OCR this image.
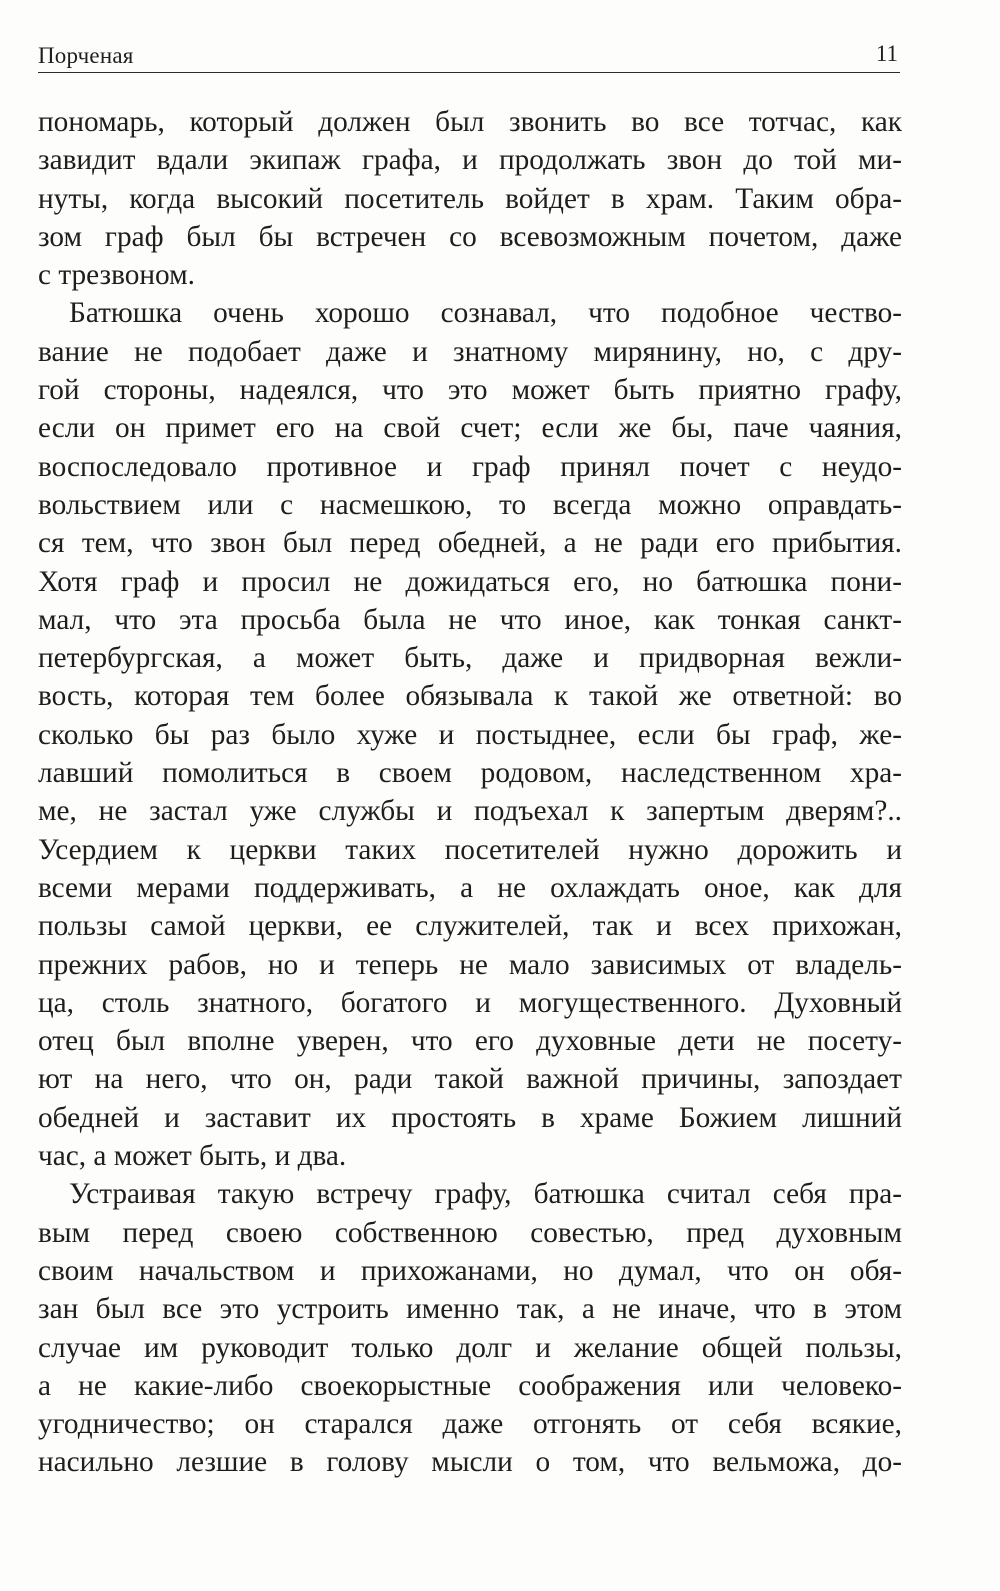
Порченая	11
пономарь, который должен был звонить во все тотчас, как
завидит вдали экипаж графа, и продолжать звон до той ми-
нуты, когда высокий посетитель войдет в храм. Таким обра-
зом граф был бы встречен со всевозможным почетом, даже
с трезвоном.
Батюшка очень хорошо сознавал, что подобное чество-
вание не подобает даже и знатному мирянину, но, с дру-
гой стороны, надеялся, что это может быть приятно графу,
если он примет его на свой счет; если же бы, паче чаяния,
воспоследовало противное и граф принял почет с неудо-
вольствием или с насмешкою, то всегда можно оправдать-
ся тем, что звон был перед обедней, а не ради его прибытия.
Хотя граф и просил не дожидаться его, но батюшка пони-
мал, что эта просьба была не что иное, как тонкая санкт-
петербургская, а может быть, даже и придворная вежли-
вость, которая тем более обязывала к такой же ответной: во
сколько бы раз было хуже и постыднее, если бы граф, же-
лавший помолиться в своем родовом, наследственном хра-
ме, не застал уже службы и подъехал к запертым дверям?..
Усердием к церкви таких посетителей нужно дорожить и
всеми мерами поддерживать, а не охлаждать оное, как для
пользы самой церкви, ее служителей, так и всех прихожан,
прежних рабов, но и теперь не мало зависимых от владель-
ца, столь знатного, богатого и могущественного. Духовный
отец был вполне уверен, что его духовные дети не посету-
ют на него, что он, ради такой важной причины, запоздает
обедней и заставит их простоять в храме Божием лишний
час, а может быть, и два.
Устраивая такую встречу графу, батюшка считал себя пра-
вым перед своею собственною совестью, пред духовным
своим начальством и прихожанами, но думал, что он обя-
зан был все это устроить именно так, а не иначе, что в этом
случае им руководит только долг и желание общей пользы,
а не какие-либо своекорыстные соображения или человеко-
угодничество; он старался даже отгонять от себя всякие,
насильно лезшие в голову мысли о том, что вельможа, до-
